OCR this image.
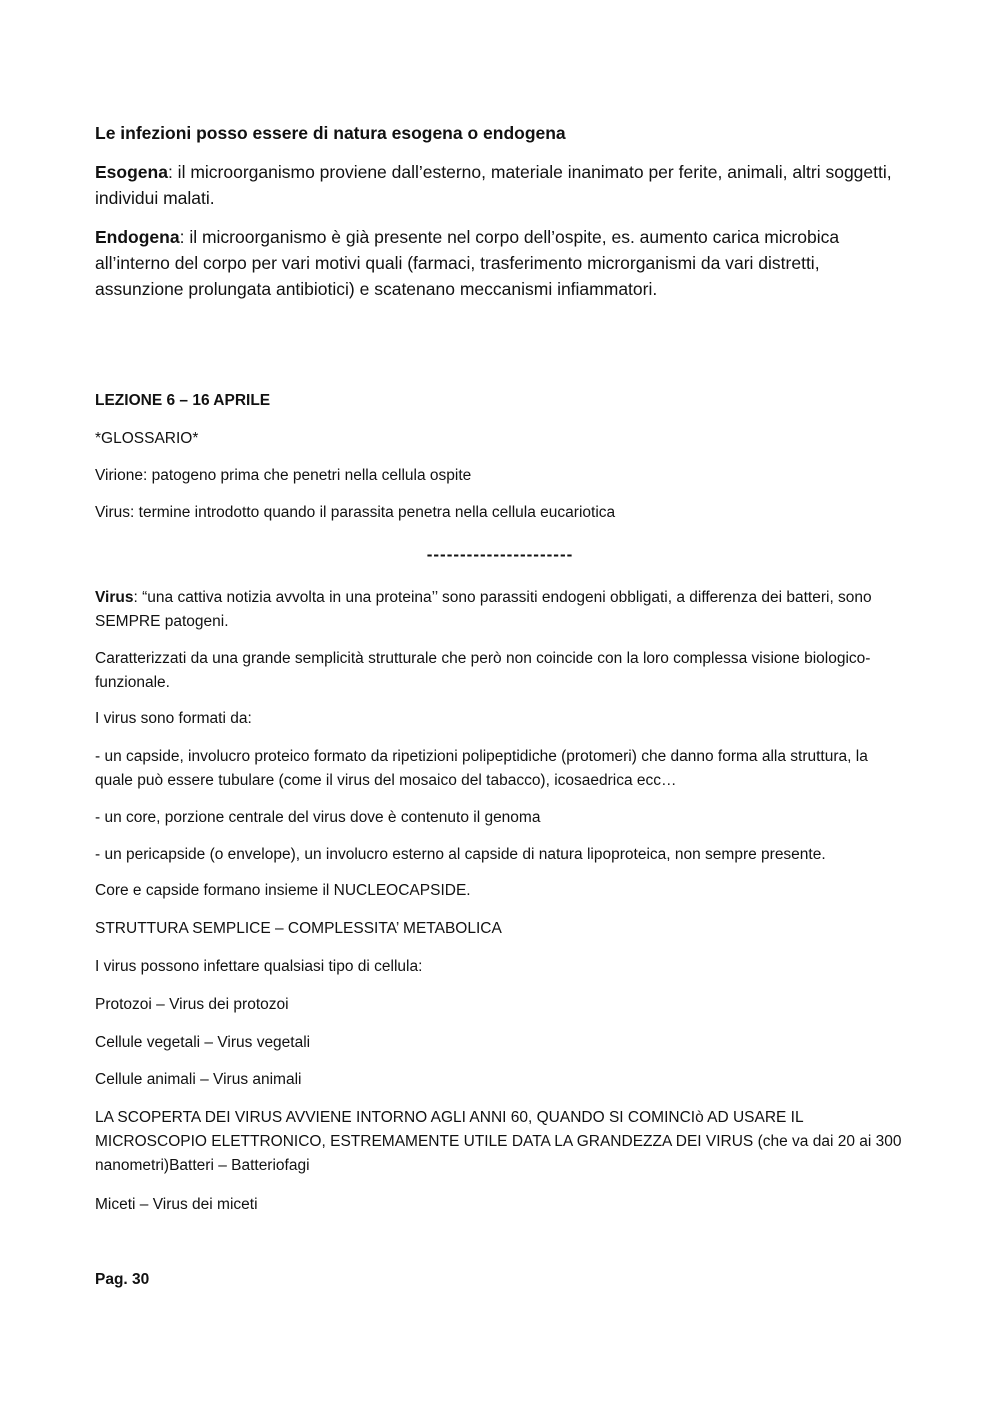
Le infezioni posso essere di natura esogena o endogena

Esogena: il microorganismo proviene dall’esterno, materiale inanimato per ferite, animali, altri soggetti, individui malati.

Endogena: il microorganismo è già presente nel corpo dell’ospite, es. aumento carica microbica all’interno del corpo per vari motivi quali (farmaci, trasferimento microrganismi da vari distretti, assunzione prolungata antibiotici) e scatenano meccanismi infiammatori.

LEZIONE 6 – 16 APRILE

*GLOSSARIO*

Virione: patogeno prima che penetri nella cellula ospite

Virus: termine introdotto quando il parassita penetra nella cellula eucariotica

----------------------

Virus: “una cattiva notizia avvolta in una proteina’’ sono parassiti endogeni obbligati, a differenza dei batteri, sono SEMPRE patogeni.

Caratterizzati da una grande semplicità strutturale che però non coincide con la loro complessa visione biologico-funzionale.

I virus sono formati da:

- un capside, involucro proteico formato da ripetizioni polipeptidiche (protomeri) che danno forma alla struttura, la quale può essere tubulare (come il virus del mosaico del tabacco), icosaedrica ecc…

- un core, porzione centrale del virus dove è contenuto il genoma

- un pericapside (o envelope), un involucro esterno al capside di natura lipoproteica, non sempre presente.

Core e capside formano insieme il NUCLEOCAPSIDE.

STRUTTURA SEMPLICE – COMPLESSITA’ METABOLICA

I virus possono infettare qualsiasi tipo di cellula:

Protozoi – Virus dei protozoi

Cellule vegetali – Virus vegetali

Cellule animali – Virus animali

LA SCOPERTA DEI VIRUS AVVIENE INTORNO AGLI ANNI 60, QUANDO SI COMINCIò AD USARE IL MICROSCOPIO ELETTRONICO, ESTREMAMENTE UTILE DATA LA GRANDEZZA DEI VIRUS (che va dai 20 ai 300 nanometri)Batteri – Batteriofagi

Miceti – Virus dei miceti

Pag. 30
